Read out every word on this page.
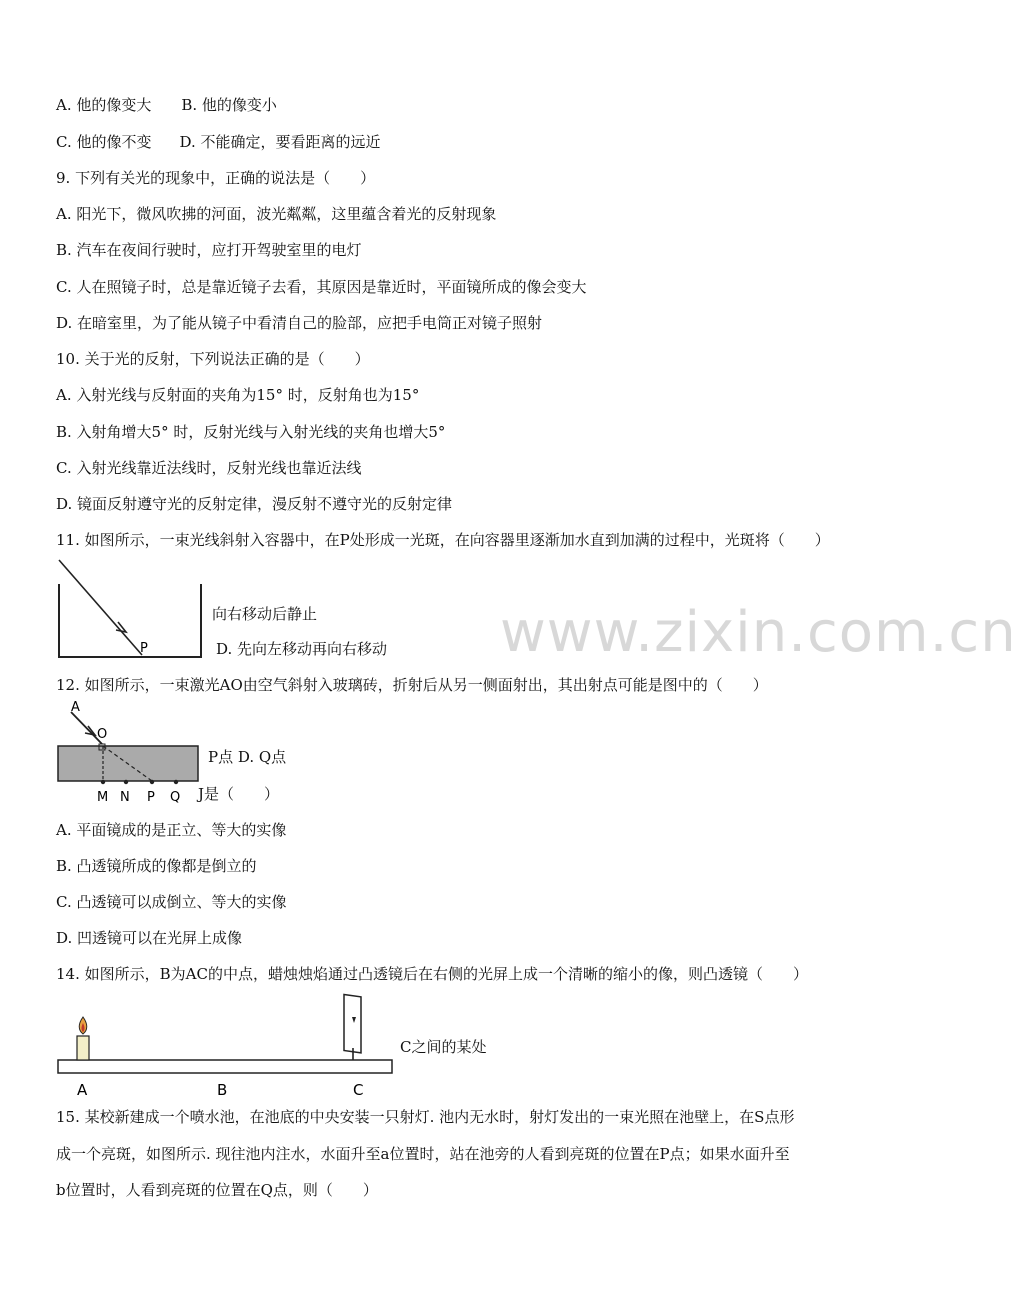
A. 他的像变大 B. 他的像变小
C. 他的像不变 D. 不能确定，要看距离的远近
9. 下列有关光的现象中，正确的说法是（　　）
A. 阳光下，微风吹拂的河面，波光粼粼，这里蕴含着光的反射现象
B. 汽车在夜间行驶时，应打开驾驶室里的电灯
C. 人在照镜子时，总是靠近镜子去看，其原因是靠近时，平面镜所成的像会变大
D. 在暗室里，为了能从镜子中看清自己的脸部，应把手电筒正对镜子照射
10. 关于光的反射，下列说法正确的是（　　）
A. 入射光线与反射面的夹角为15° 时，反射角也为15°
B. 入射角增大5° 时，反射光线与入射光线的夹角也增大5°
C. 入射光线靠近法线时，反射光线也靠近法线
D. 镜面反射遵守光的反射定律，漫反射不遵守光的反射定律
11. 如图所示，一束光线斜射入容器中，在P处形成一光斑，在向容器里逐渐加水直到加满的过程中，光斑将（　　）
P
向右移动后静止
D. 先向左移动再向右移动
12. 如图所示，一束激光AO由空气斜射入玻璃砖，折射后从另一侧面射出，其出射点可能是图中的（　　）
A
O
M N P Q
P点 D. Q点
J是（　　）
A. 平面镜成的是正立、等大的实像
B. 凸透镜所成的像都是倒立的
C. 凸透镜可以成倒立、等大的实像
D. 凹透镜可以在光屏上成像
14. 如图所示，B为AC的中点，蜡烛烛焰通过凸透镜后在右侧的光屏上成一个清晰的缩小的像，则凸透镜（　　）
A	B	C
C之间的某处
15. 某校新建成一个喷水池，在池底的中央安装一只射灯. 池内无水时，射灯发出的一束光照在池壁上，在S点形
成一个亮斑，如图所示. 现往池内注水，水面升至a位置时，站在池旁的人看到亮斑的位置在P点；如果水面升至
b位置时，人看到亮斑的位置在Q点，则（　　）
www.zixin.com.cn
